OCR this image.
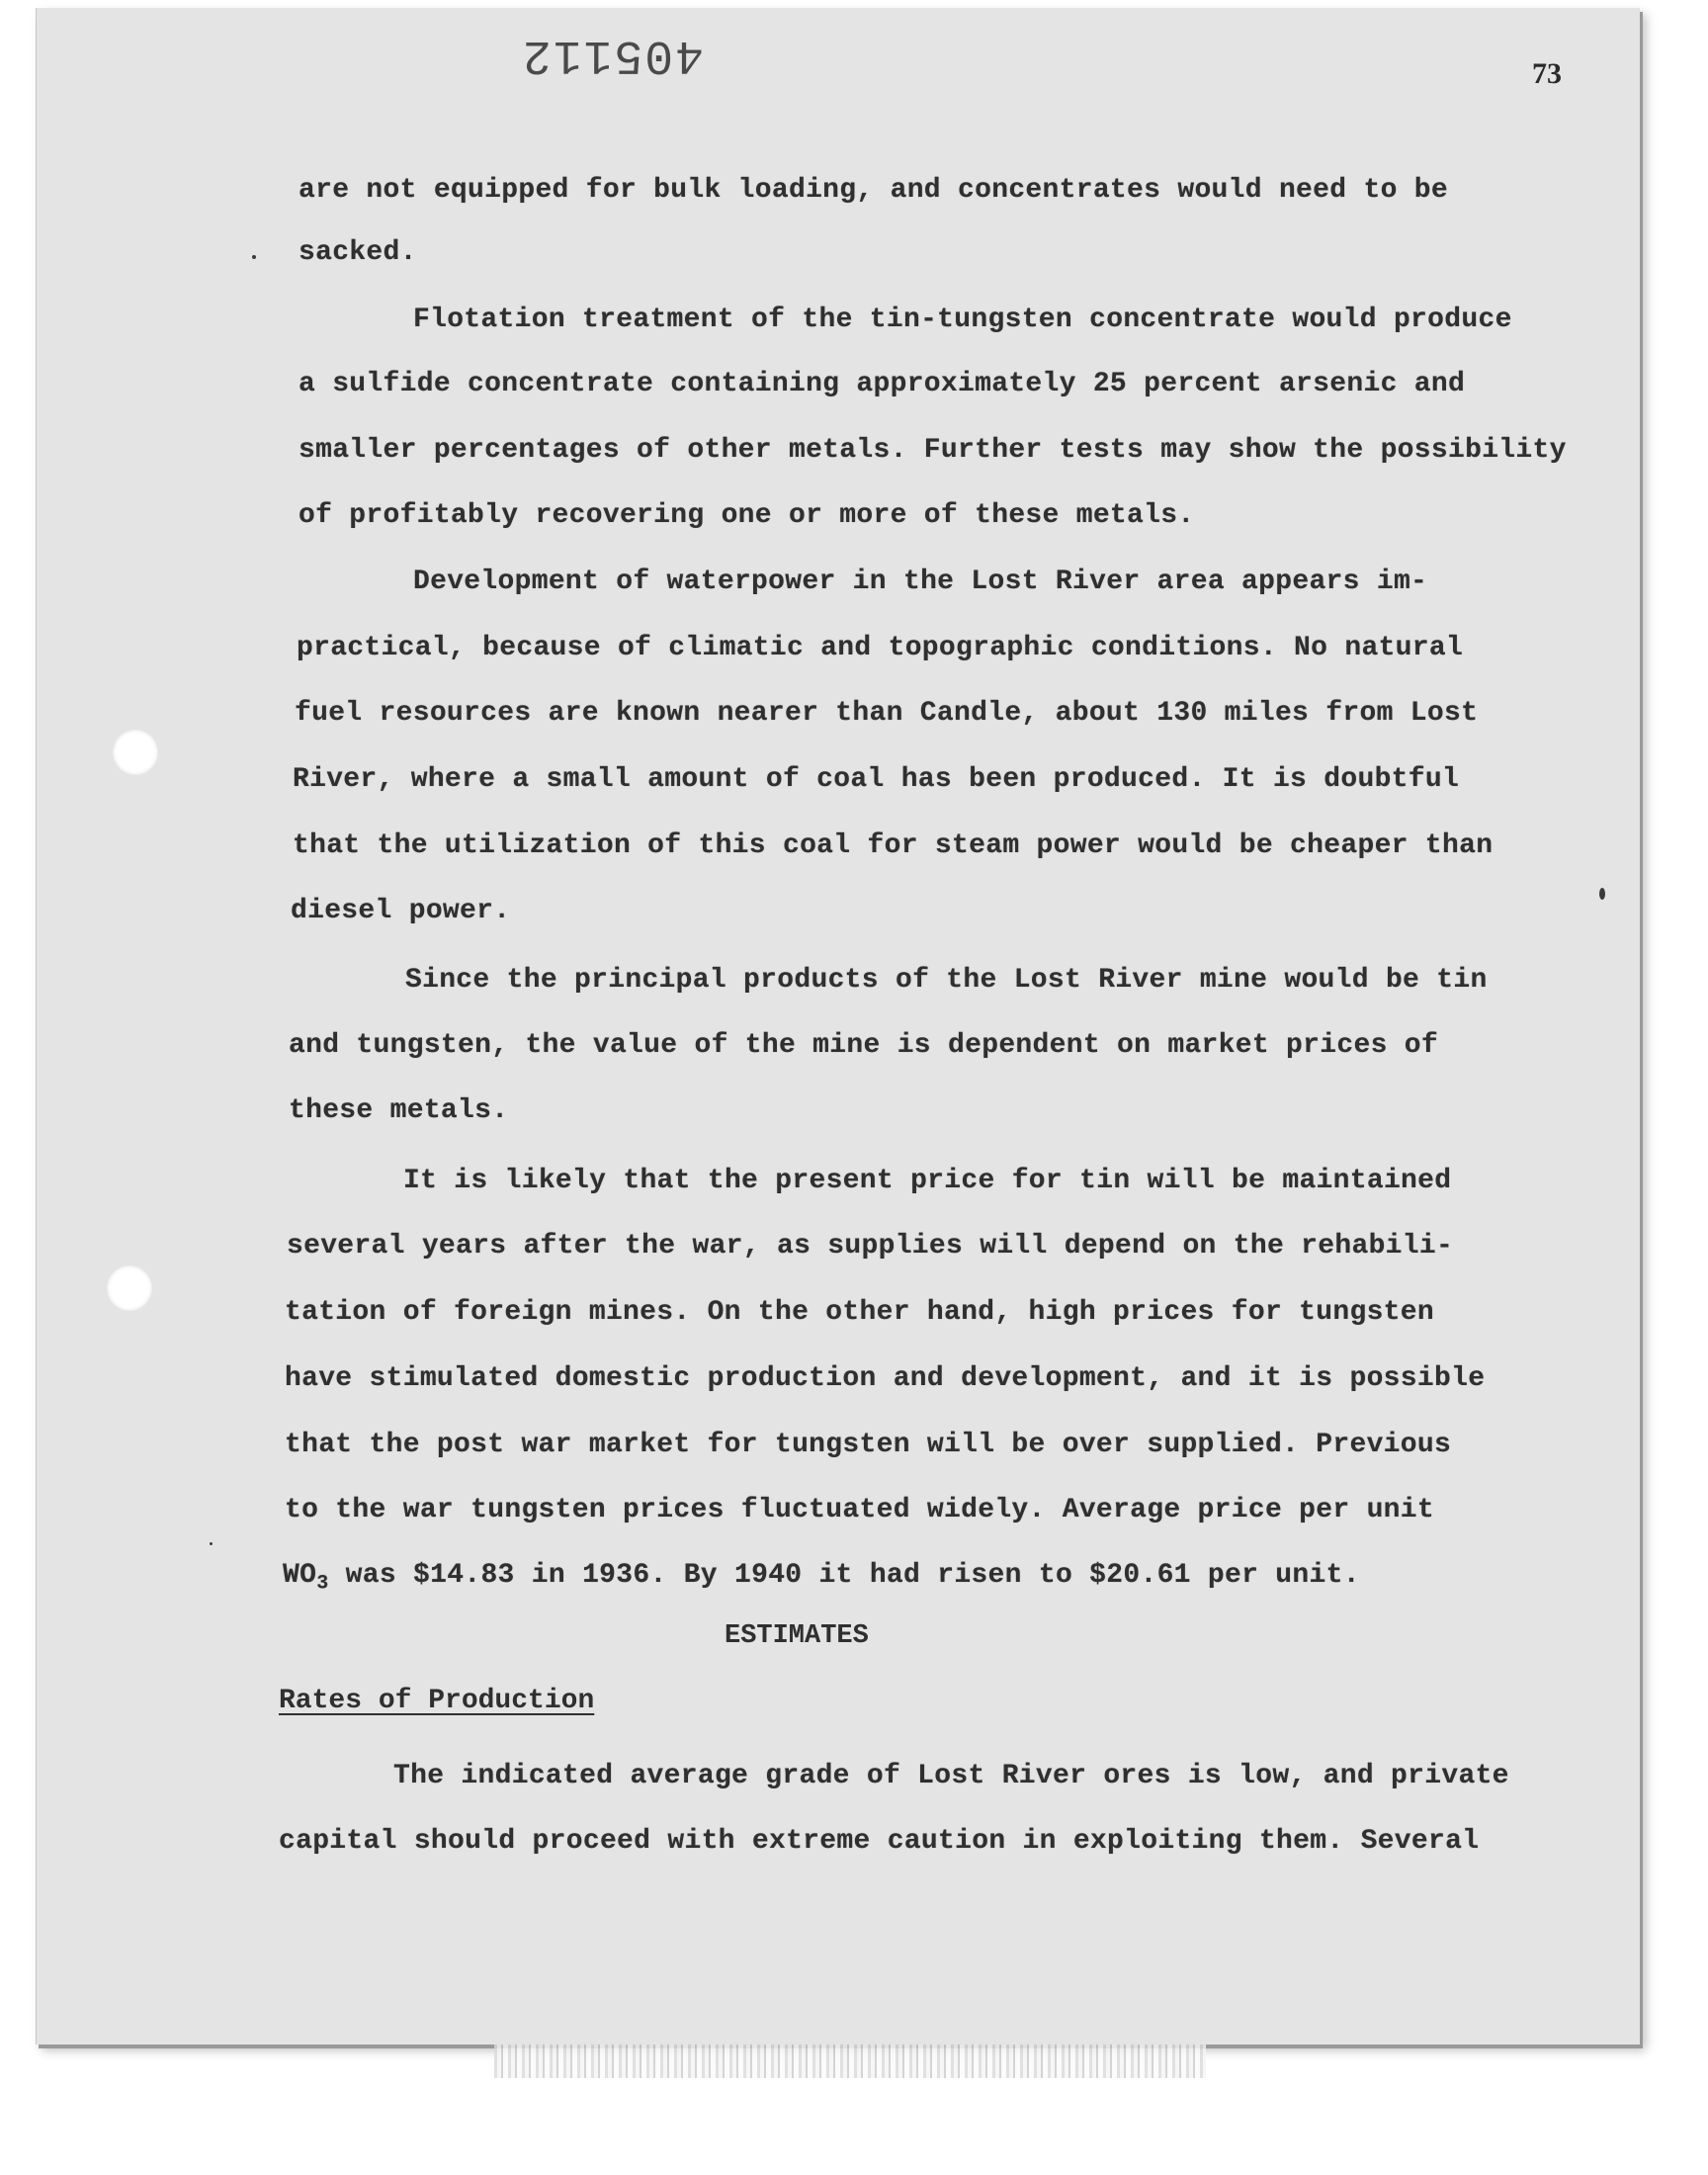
405112	73
are not equipped for bulk loading, and concentrates would need to be
sacked.
Flotation treatment of the tin-tungsten concentrate would produce
a sulfide concentrate containing approximately 25 percent arsenic and
smaller percentages of other metals. Further tests may show the possibility
of profitably recovering one or more of these metals.
Development of waterpower in the Lost River area appears im-
practical, because of climatic and topographic conditions. No natural
fuel resources are known nearer than Candle, about 130 miles from Lost
River, where a small amount of coal has been produced. It is doubtful
that the utilization of this coal for steam power would be cheaper than
diesel power.
Since the principal products of the Lost River mine would be tin
and tungsten, the value of the mine is dependent on market prices of
these metals.
It is likely that the present price for tin will be maintained
several years after the war, as supplies will depend on the rehabili-
tation of foreign mines. On the other hand, high prices for tungsten
have stimulated domestic production and development, and it is possible
that the post war market for tungsten will be over supplied. Previous
to the war tungsten prices fluctuated widely. Average price per unit
$WO_3$ was $14.83 in 1936. By 1940 it had risen to $20.61 per unit.
ESTIMATES
Rates of Production
The indicated average grade of Lost River ores is low, and private
capital should proceed with extreme caution in exploiting them. Several
